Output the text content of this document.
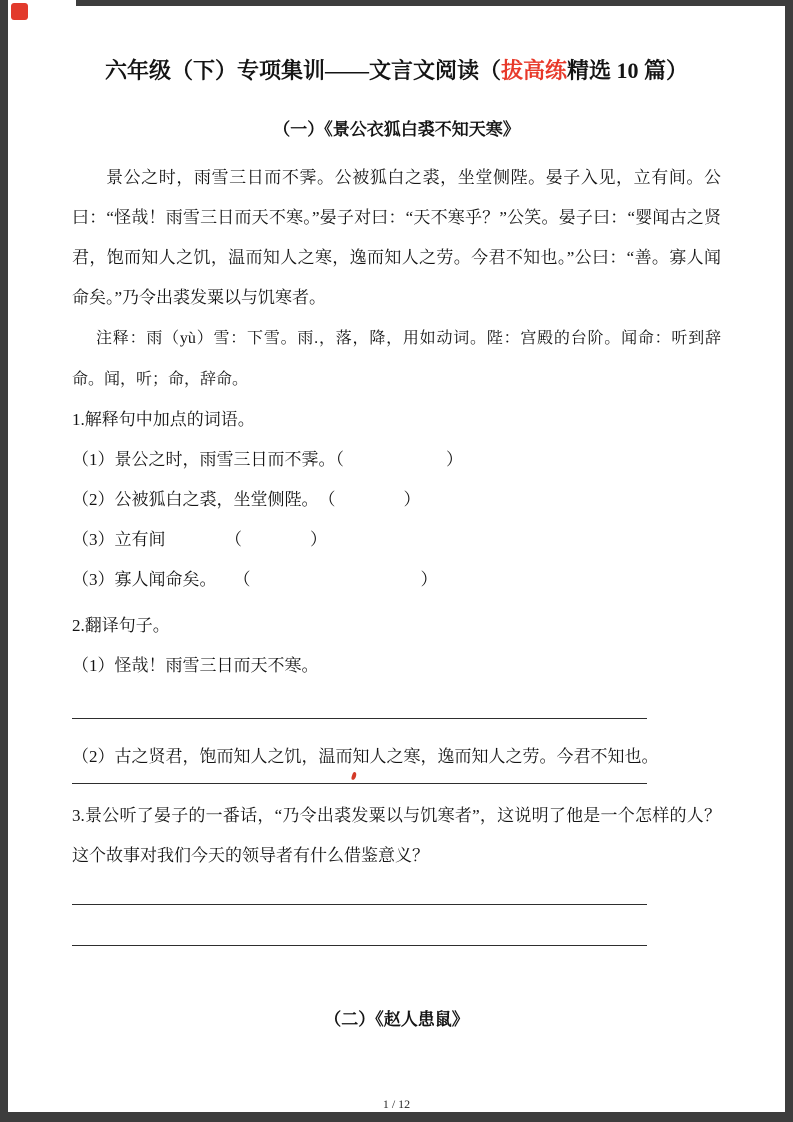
六年级（下）专项集训——文言文阅读（拔高练精选 10 篇）
（一）《景公衣狐白裘不知天寒》

景公之时，雨雪三日而不霁。公被狐白之裘，坐堂侧陛。晏子入见，立有间。公曰：“怪哉！雨雪三日而天不寒。”晏子对曰：“天不寒乎？”公笑。晏子曰：“婴闻古之贤君，饱而知人之饥，温而知人之寒，逸而知人之劳。今君不知也。”公曰：“善。寡人闻命矣。”乃令出裘发粟以与饥寒者。

注释：雨（yù）雪：下雪。雨.，落，降，用如动词。陛：宫殿的台阶。闻命：听到辞命。闻，听；命，辞命。

1.解释句中加点的词语。

（1）景公之时，雨雪三日而不霁。（　　　　　　）

（2）公被狐白之裘，坐堂侧陛。　（　　　　）

（3）立有间　　　　（　　　　）

（3）寡人闻命矣。　　（　　　　　　　　　　）

2.翻译句子。

（1）怪哉！雨雪三日而天不寒。

（2）古之贤君，饱而知人之饥，温而知人之寒，逸而知人之劳。今君不知也。

3.景公听了晏子的一番话，“乃令出裘发粟以与饥寒者”，这说明了他是一个怎样的人？这个故事对我们今天的领导者有什么借鉴意义？

（二）《赵人患鼠》
1 / 12
